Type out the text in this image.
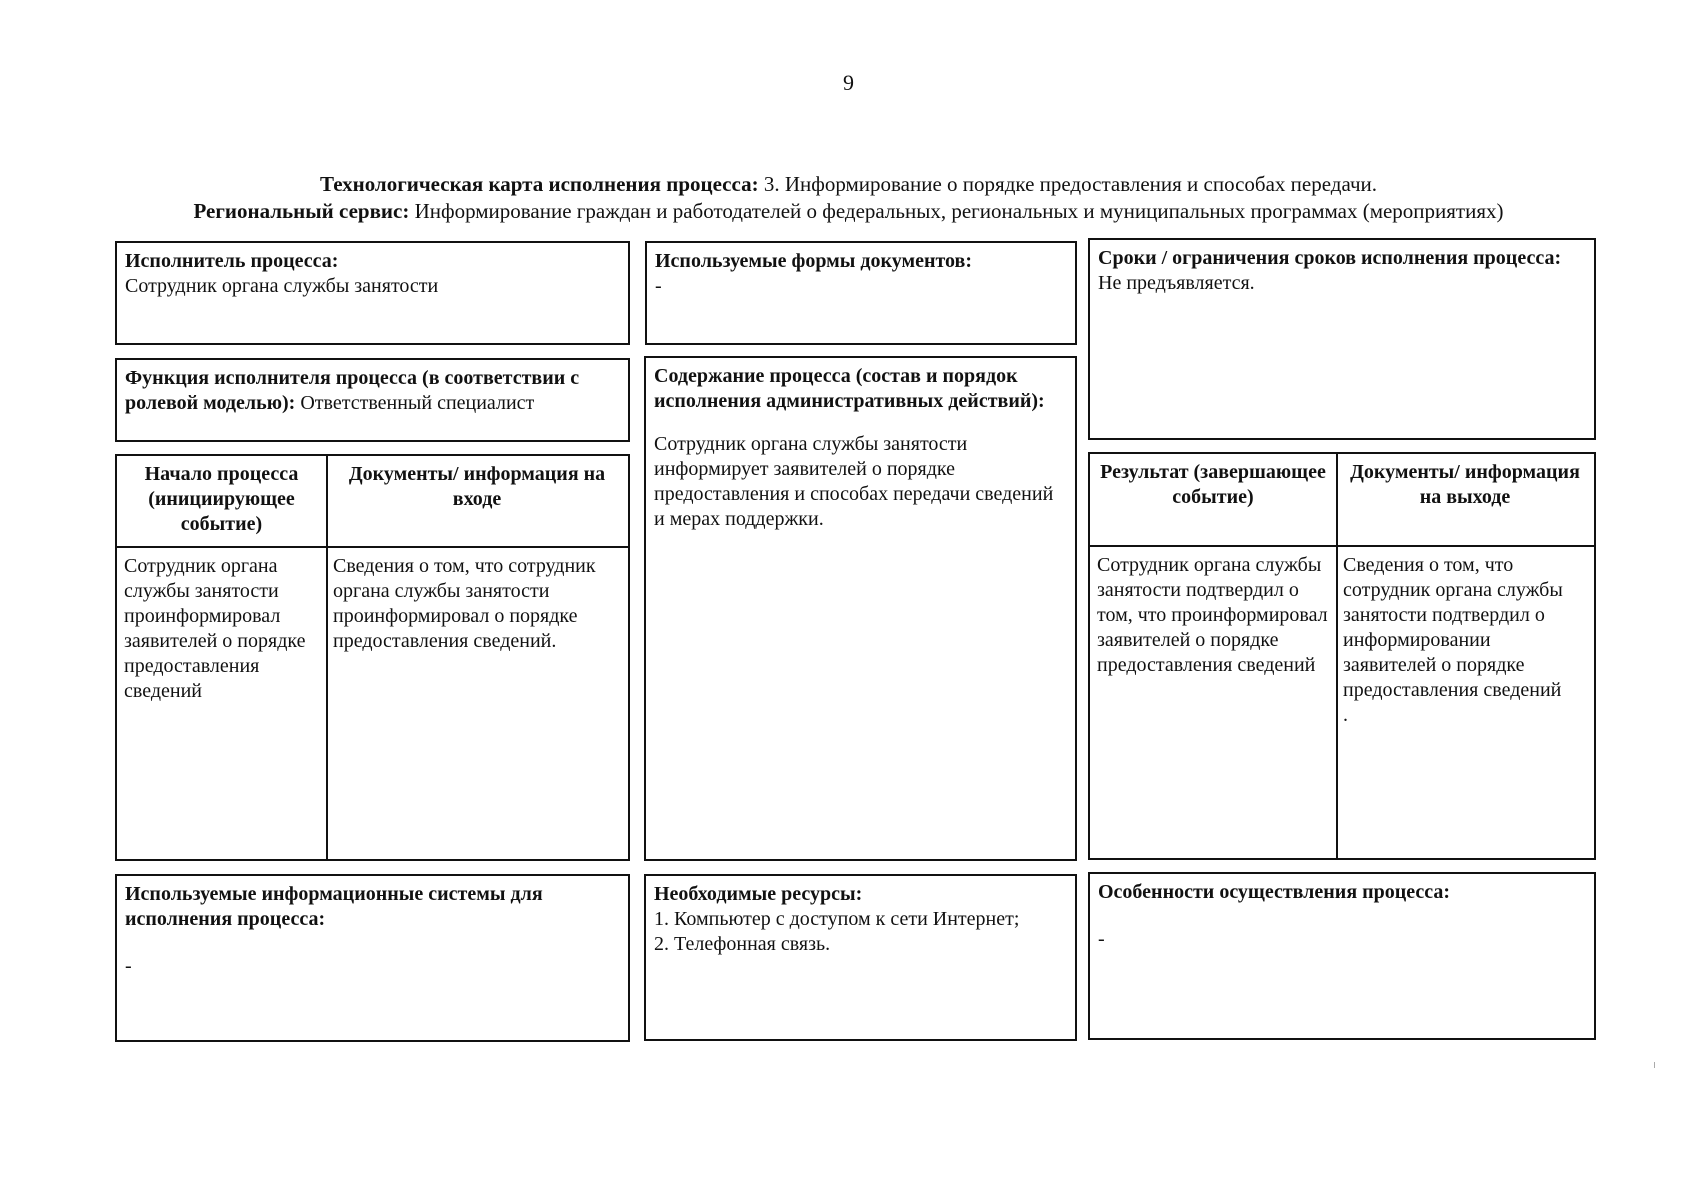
9
Технологическая карта исполнения процесса: 3. Информирование о порядке предоставления и способах передачи.
Региональный сервис: Информирование граждан и работодателей о федеральных, региональных и муниципальных программах (мероприятиях)

Исполнитель процесса:

Сотрудник органа службы занятости

Используемые формы документов:

-

Сроки / ограничения сроков исполнения процесса:

Не предъявляется.

Функция исполнителя процесса (в соответствии с ролевой моделью): Ответственный специалист

Содержание процесса (состав и порядок исполнения административных действий):

Сотрудник органа службы занятости информирует заявителей о порядке предоставления и способах передачи сведений и мерах поддержки.

Начало процесса (инициирующее событие)
Документы/ информация на входе
Сотрудник органа службы занятости проинформировал заявителей о порядке предоставления сведений
Сведения о том, что сотрудник органа службы занятости проинформировал о порядке предоставления сведений.
Результат (завершающее событие)
Документы/ информация на выходе
Сотрудник органа службы занятости подтвердил о том, что проинформировал заявителей о порядке предоставления сведений

Сведения о том, что сотрудник органа службы занятости подтвердил о информировании заявителей о порядке предоставления сведений

.

Используемые информационные системы для исполнения процесса:

-

Необходимые ресурсы:

1. Компьютер с доступом к сети Интернет;

2. Телефонная связь.

Особенности осуществления процесса:

-
